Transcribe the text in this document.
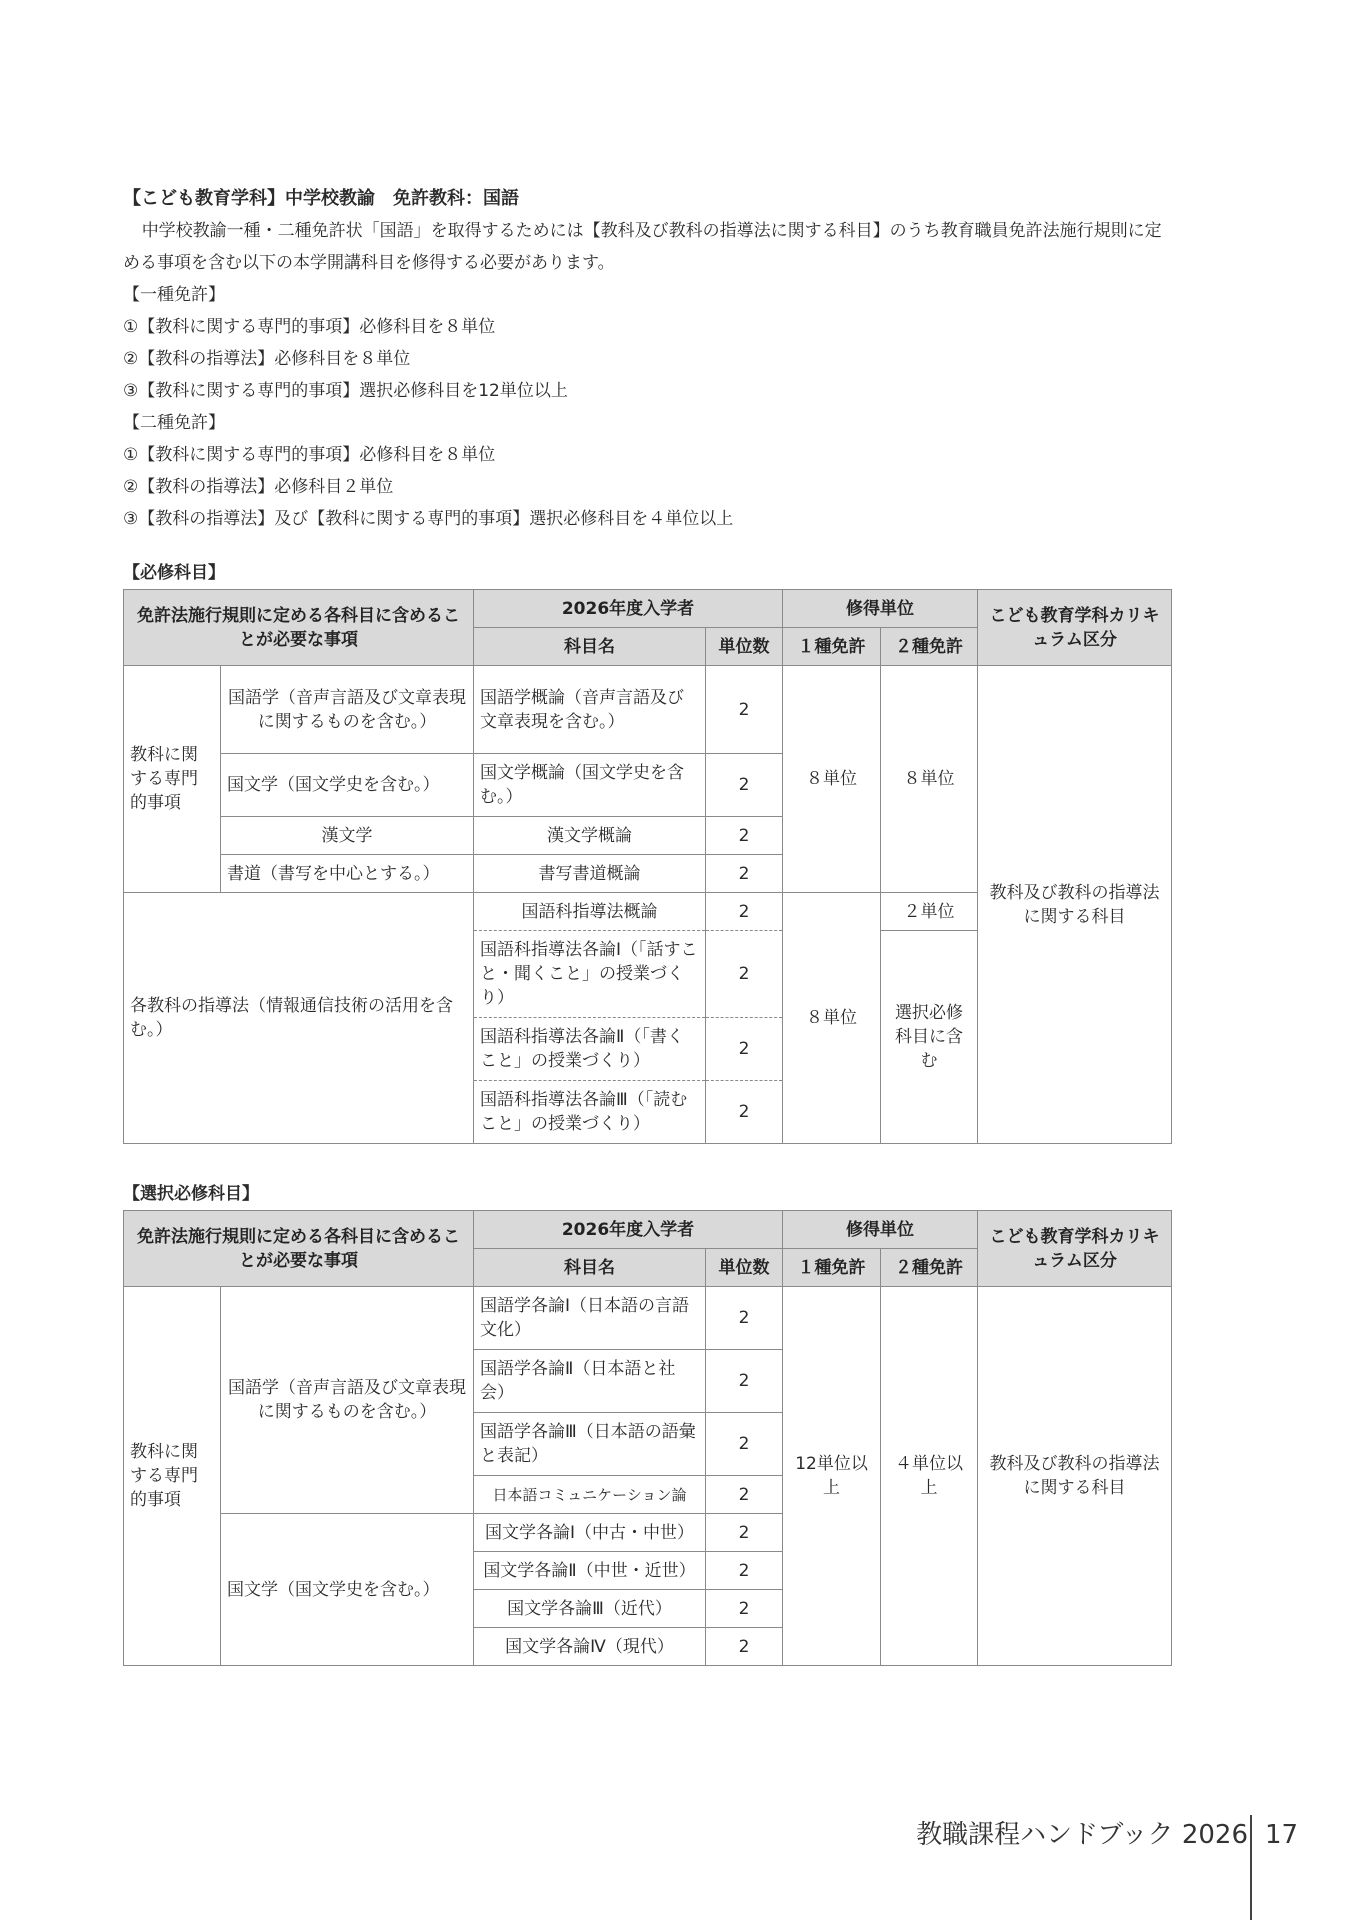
【こども教育学科】中学校教諭　免許教科：国語
中学校教諭一種・二種免許状「国語」を取得するためには【教科及び教科の指導法に関する科目】のうち教育職員免許法施行規則に定める事項を含む以下の本学開講科目を修得する必要があります。
【一種免許】
①【教科に関する専門的事項】必修科目を８単位
②【教科の指導法】必修科目を８単位
③【教科に関する専門的事項】選択必修科目を12単位以上
【二種免許】
①【教科に関する専門的事項】必修科目を８単位
②【教科の指導法】必修科目２単位
③【教科の指導法】及び【教科に関する専門的事項】選択必修科目を４単位以上
【必修科目】
免許法施行規則に定める各科目に含めることが必要な事項		2026年度入学者		修得単位		こども教育学科カリキュラム区分
		科目名	単位数	１種免許	２種免許	
教科に関する専門的事項	国語学（音声言語及び文章表現に関するものを含む。）	国語学概論（音声言語及び文章表現を含む。）	2	８単位	８単位	教科及び教科の指導法に関する科目
	国文学（国文学史を含む。）	国文学概論（国文学史を含む。）	2			
	漢文学	漢文学概論	2			
	書道（書写を中心とする。）	書写書道概論	2			
各教科の指導法（情報通信技術の活用を含む。）		国語科指導法概論	2	８単位	２単位	
		国語科指導法各論Ⅰ（「話すこと・聞くこと」の授業づくり）	2		選択必修科目に含む	
		国語科指導法各論Ⅱ（「書くこと」の授業づくり）	2			
		国語科指導法各論Ⅲ（「読むこと」の授業づくり）	2			
【選択必修科目】
免許法施行規則に定める各科目に含めることが必要な事項		2026年度入学者		修得単位		こども教育学科カリキュラム区分
		科目名	単位数	１種免許	２種免許	
教科に関する専門的事項	国語学（音声言語及び文章表現に関するものを含む。）	国語学各論Ⅰ（日本語の言語文化）	2	12単位以上	４単位以上	教科及び教科の指導法に関する科目
		国語学各論Ⅱ（日本語と社会）	2			
		国語学各論Ⅲ（日本語の語彙と表記）	2			
		日本語コミュニケーション論	2			
	国文学（国文学史を含む。）	国文学各論Ⅰ（中古・中世）	2			
		国文学各論Ⅱ（中世・近世）	2			
		国文学各論Ⅲ（近代）	2			
		国文学各論Ⅳ（現代）	2			
教職課程ハンドブック 2026 17
